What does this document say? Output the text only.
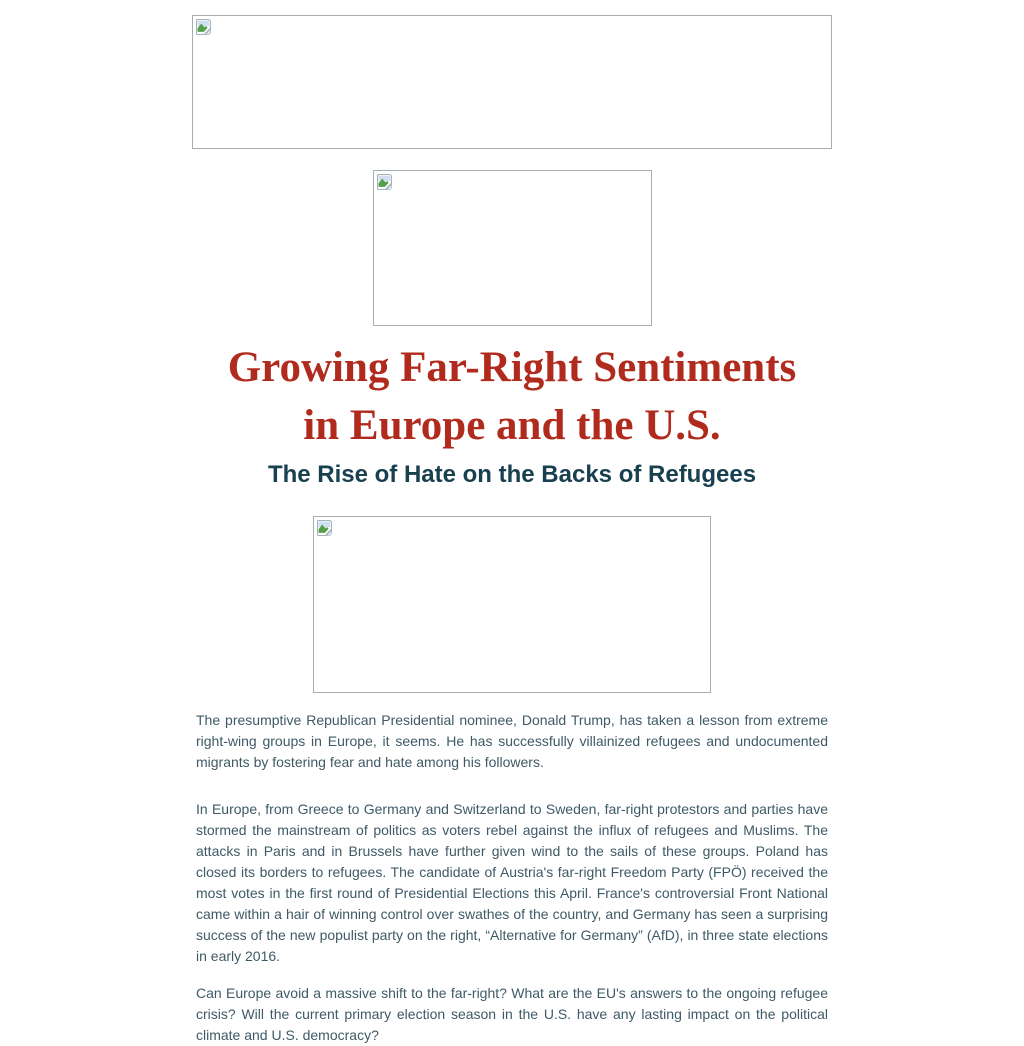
Growing Far-Right Sentiments
in Europe and the U.S.
The Rise of Hate on the Backs of Refugees

The presumptive Republican Presidential nominee, Donald Trump, has taken a lesson from extreme right-wing groups in Europe, it seems. He has successfully villainized refugees and undocumented migrants by fostering fear and hate among his followers.

In Europe, from Greece to Germany and Switzerland to Sweden, far-right protestors and parties have stormed the mainstream of politics as voters rebel against the influx of refugees and Muslims. The attacks in Paris and in Brussels have further given wind to the sails of these groups. Poland has closed its borders to refugees. The candidate of Austria's far-right Freedom Party (FPÖ) received the most votes in the first round of Presidential Elections this April. France's controversial Front National came within a hair of winning control over swathes of the country, and Germany has seen a surprising success of the new populist party on the right, “Alternative for Germany” (AfD), in three state elections in early 2016.

Can Europe avoid a massive shift to the far-right? What are the EU's answers to the ongoing refugee crisis? Will the current primary election season in the U.S. have any lasting impact on the political climate and U.S. democracy?
